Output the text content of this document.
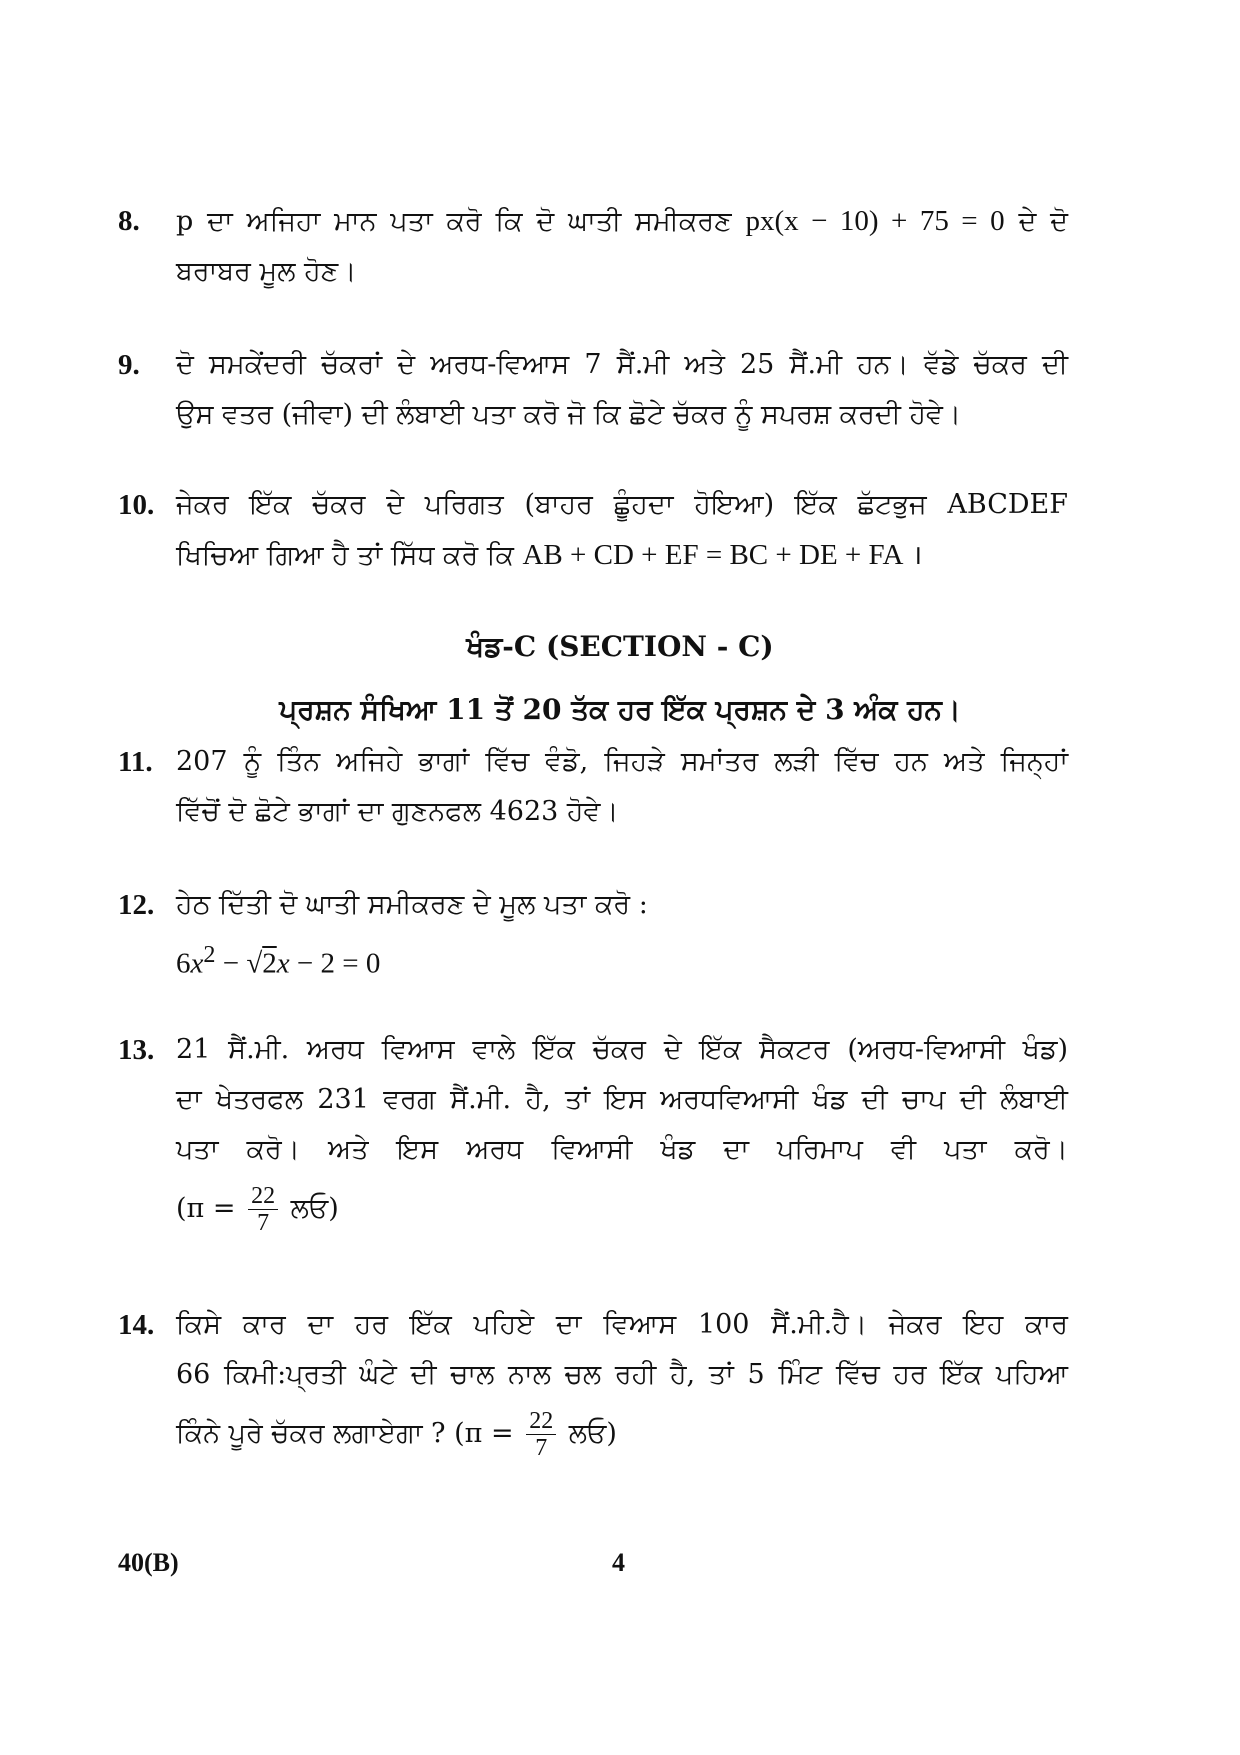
8.	p ਦਾ ਅਜਿਹਾ ਮਾਨ ਪਤਾ ਕਰੋ ਕਿ ਦੋ ਘਾਤੀ ਸਮੀਕਰਣ px(x − 10) + 75 = 0 ਦੇ ਦੋ
ਬਰਾਬਰ ਮੂਲ ਹੋਣ।
9.	ਦੋ ਸਮਕੇਂਦਰੀ ਚੱਕਰਾਂ ਦੇ ਅਰਧ-ਵਿਆਸ 7 ਸੈਂ.ਮੀ ਅਤੇ 25 ਸੈਂ.ਮੀ ਹਨ। ਵੱਡੇ ਚੱਕਰ ਦੀ
ਉਸ ਵਤਰ (ਜੀਵਾ) ਦੀ ਲੰਬਾਈ ਪਤਾ ਕਰੋ ਜੋ ਕਿ ਛੋਟੇ ਚੱਕਰ ਨੂੰ ਸਪਰਸ਼ ਕਰਦੀ ਹੋਵੇ।
10. ਜੇਕਰ ਇੱਕ ਚੱਕਰ ਦੇ ਪਰਿਗਤ (ਬਾਹਰ ਛੂੰਹਦਾ ਹੋਇਆ) ਇੱਕ ਛੱਟਭੁਜ ABCDEF
ਖਿਚਿਆ ਗਿਆ ਹੈ ਤਾਂ ਸਿੱਧ ਕਰੋ ਕਿ AB + CD + EF = BC + DE + FA ।
ਖੰਡ-C (SECTION - C)
ਪ੍ਰਸ਼ਨ ਸੰਖਿਆ 11 ਤੋਂ 20 ਤੱਕ ਹਰ ਇੱਕ ਪ੍ਰਸ਼ਨ ਦੇ 3 ਅੰਕ ਹਨ।
11. 207 ਨੂੰ ਤਿੰਨ ਅਜਿਹੇ ਭਾਗਾਂ ਵਿੱਚ ਵੰਡੋ, ਜਿਹੜੇ ਸਮਾਂਤਰ ਲੜੀ ਵਿੱਚ ਹਨ ਅਤੇ ਜਿਨ੍ਹਾਂ
ਵਿੱਚੋਂ ਦੋ ਛੋਟੇ ਭਾਗਾਂ ਦਾ ਗੁਣਨਫਲ 4623 ਹੋਵੇ।
12. ਹੇਠ ਦਿੱਤੀ ਦੋ ਘਾਤੀ ਸਮੀਕਰਣ ਦੇ ਮੂਲ ਪਤਾ ਕਰੋ :
$6x^2 - √2x - 2 = 0$
13. 21 ਸੈਂ.ਮੀ. ਅਰਧ ਵਿਆਸ ਵਾਲੇ ਇੱਕ ਚੱਕਰ ਦੇ ਇੱਕ ਸੈਕਟਰ (ਅਰਧ-ਵਿਆਸੀ ਖੰਡ)
ਦਾ ਖੇਤਰਫਲ 231 ਵਰਗ ਸੈਂ.ਮੀ. ਹੈ, ਤਾਂ ਇਸ ਅਰਧਵਿਆਸੀ ਖੰਡ ਦੀ ਚਾਪ ਦੀ ਲੰਬਾਈ
ਪਤਾ ਕਰੋ। ਅਤੇ ਇਸ ਅਰਧ ਵਿਆਸੀ ਖੰਡ ਦਾ ਪਰਿਮਾਪ ਵੀ ਪਤਾ ਕਰੋ।
($\pi = \frac{22}{7}$ ਲਓ)
14. ਕਿਸੇ ਕਾਰ ਦਾ ਹਰ ਇੱਕ ਪਹਿਏ ਦਾ ਵਿਆਸ 100 ਸੈਂ.ਮੀ.ਹੈ। ਜੇਕਰ ਇਹ ਕਾਰ
66 ਕਿਮੀ:ਪ੍ਰਤੀ ਘੰਟੇ ਦੀ ਚਾਲ ਨਾਲ ਚਲ ਰਹੀ ਹੈ, ਤਾਂ 5 ਮਿੰਟ ਵਿੱਚ ਹਰ ਇੱਕ ਪਹਿਆ
ਕਿੰਨੇ ਪੂਰੇ ਚੱਕਰ ਲਗਾਏਗਾ ? ($\pi = \frac{22}{7}$ ਲਓ)
40(B)	4
